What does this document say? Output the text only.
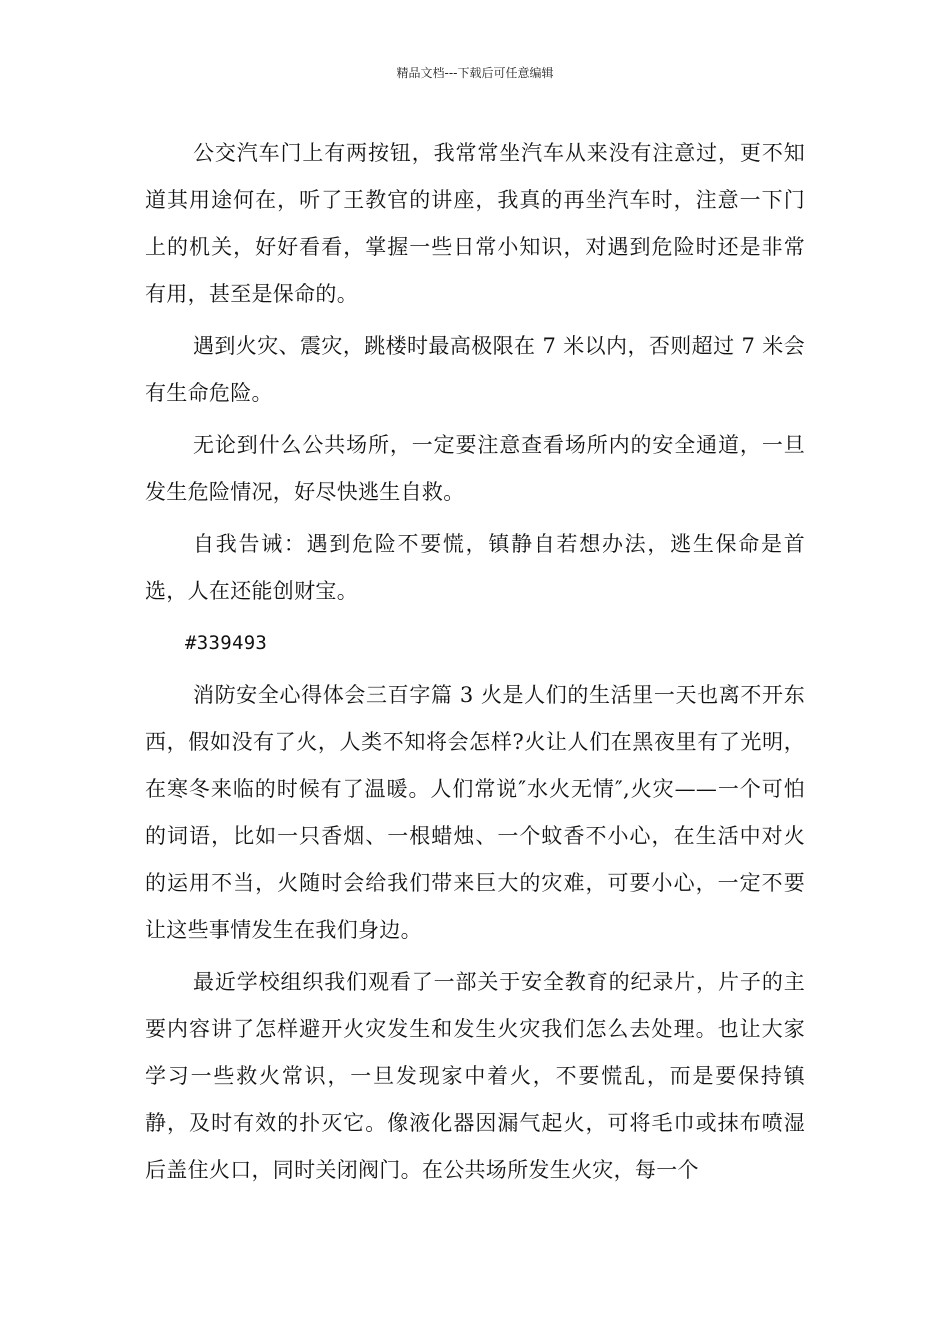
精品文档---下载后可任意编辑

公交汽车门上有两按钮，我常常坐汽车从来没有注意过，更不知道其用途何在，听了王教官的讲座，我真的再坐汽车时，注意一下门上的机关，好好看看，掌握一些日常小知识，对遇到危险时还是非常有用，甚至是保命的。

遇到火灾、震灾，跳楼时最高极限在 7 米以内，否则超过 7 米会有生命危险。

无论到什么公共场所，一定要注意查看场所内的安全通道，一旦发生危险情况，好尽快逃生自救。

自我告诫：遇到危险不要慌，镇静自若想办法，逃生保命是首选，人在还能创财宝。

#339493

消防安全心得体会三百字篇 3 火是人们的生活里一天也离不开东西，假如没有了火，人类不知将会怎样?火让人们在黑夜里有了光明，在寒冬来临的时候有了温暖。人们常说″水火无情″,火灾——一个可怕的词语，比如一只香烟、一根蜡烛、一个蚊香不小心，在生活中对火的运用不当，火随时会给我们带来巨大的灾难，可要小心，一定不要让这些事情发生在我们身边。

最近学校组织我们观看了一部关于安全教育的纪录片，片子的主要内容讲了怎样避开火灾发生和发生火灾我们怎么去处理。也让大家学习一些救火常识，一旦发现家中着火，不要慌乱，而是要保持镇静，及时有效的扑灭它。像液化器因漏气起火，可将毛巾或抹布喷湿后盖住火口，同时关闭阀门。在公共场所发生火灾，每一个
